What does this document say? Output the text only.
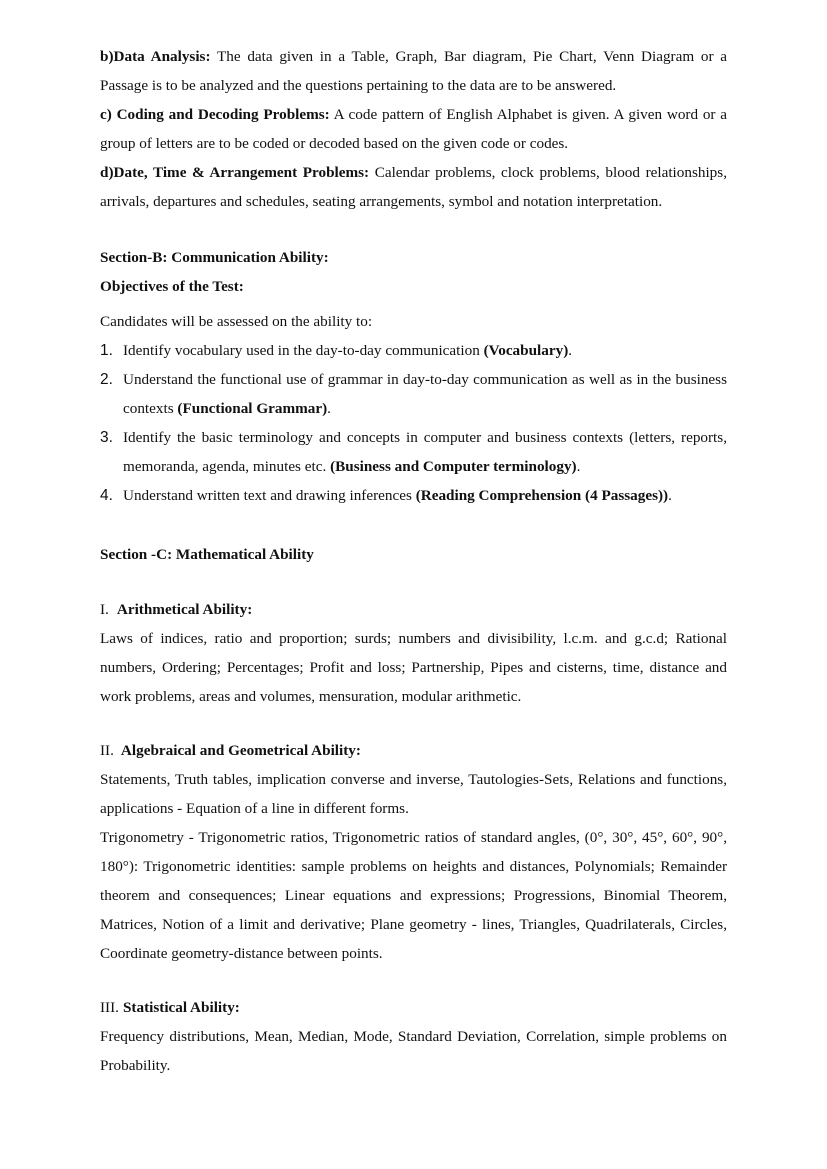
b)Data Analysis: The data given in a Table, Graph, Bar diagram, Pie Chart, Venn Diagram or a Passage is to be analyzed and the questions pertaining to the data are to be answered.

c) Coding and Decoding Problems: A code pattern of English Alphabet is given. A given word or a group of letters are to be coded or decoded based on the given code or codes.

d)Date, Time & Arrangement Problems: Calendar problems, clock problems, blood relationships, arrivals, departures and schedules, seating arrangements, symbol and notation interpretation.

Section-B: Communication Ability:

Objectives of the Test:

Candidates will be assessed on the ability to:

1. Identify vocabulary used in the day-to-day communication (Vocabulary).
2. Understand the functional use of grammar in day-to-day communication as well as in the business contexts (Functional Grammar).
3. Identify the basic terminology and concepts in computer and business contexts (letters, reports, memoranda, agenda, minutes etc. (Business and Computer terminology).
4. Understand written text and drawing inferences (Reading Comprehension (4 Passages)).

Section -C: Mathematical Ability

I. Arithmetical Ability:

Laws of indices, ratio and proportion; surds; numbers and divisibility, l.c.m. and g.c.d; Rational numbers, Ordering; Percentages; Profit and loss; Partnership, Pipes and cisterns, time, distance and work problems, areas and volumes, mensuration, modular arithmetic.

II. Algebraical and Geometrical Ability:

Statements, Truth tables, implication converse and inverse, Tautologies-Sets, Relations and functions, applications - Equation of a line in different forms.

Trigonometry - Trigonometric ratios, Trigonometric ratios of standard angles, (0°, 30°, 45°, 60°, 90°, 180°): Trigonometric identities: sample problems on heights and distances, Polynomials; Remainder theorem and consequences; Linear equations and expressions; Progressions, Binomial Theorem, Matrices, Notion of a limit and derivative; Plane geometry - lines, Triangles, Quadrilaterals, Circles, Coordinate geometry-distance between points.

III. Statistical Ability:

Frequency distributions, Mean, Median, Mode, Standard Deviation, Correlation, simple problems on Probability.
